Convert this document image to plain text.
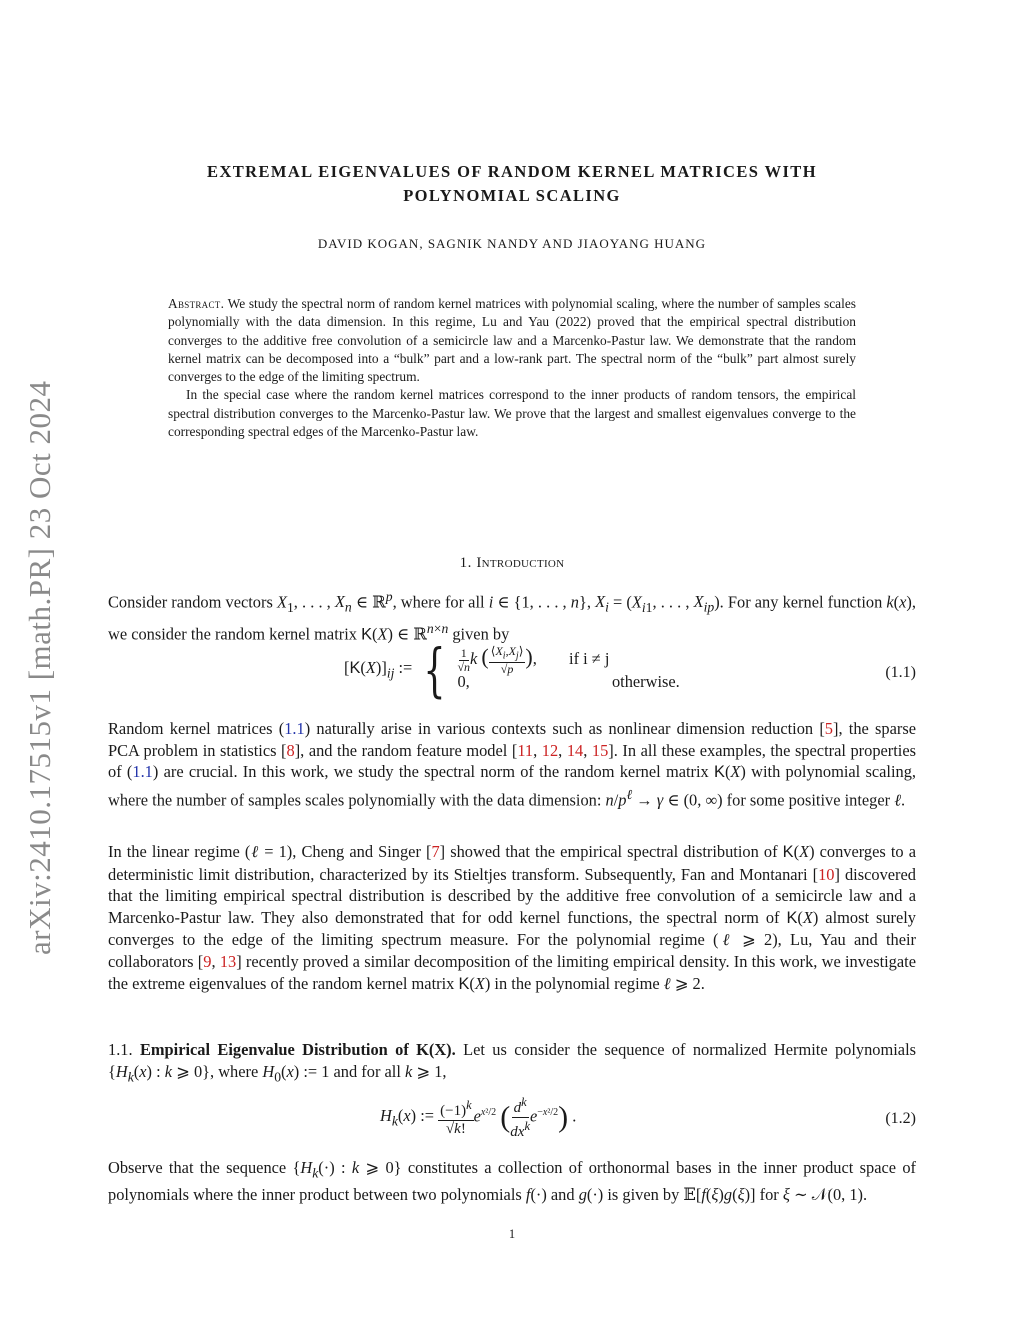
arXiv:2410.17515v1 [math.PR] 23 Oct 2024
EXTREMAL EIGENVALUES OF RANDOM KERNEL MATRICES WITH
POLYNOMIAL SCALING
DAVID KOGAN, SAGNIK NANDY AND JIAOYANG HUANG

Abstract. We study the spectral norm of random kernel matrices with polynomial scaling, where the number of samples scales polynomially with the data dimension. In this regime, Lu and Yau (2022) proved that the empirical spectral distribution converges to the additive free convolution of a semicircle law and a Marcenko-Pastur law. We demonstrate that the random kernel matrix can be decomposed into a “bulk” part and a low-rank part. The spectral norm of the “bulk” part almost surely converges to the edge of the limiting spectrum.

In the special case where the random kernel matrices correspond to the inner products of random tensors, the empirical spectral distribution converges to the Marcenko-Pastur law. We prove that the largest and smallest eigenvalues converge to the corresponding spectral edges of the Marcenko-Pastur law.

1. Introduction

Consider random vectors $X_1$, . . . , $X_n$ ∈ ℝ$^p$, where for all i ∈ {1, . . . , n}, $X_i = (X_{i1}$, . . . , $X_{ip}$). For any kernel function k(x), we consider the random kernel matrix K(X) ∈ ℝ$^{n\times n}$ given by

$[K(X)]_{ij}$ := { $\frac{1}{√n}$ k ( $\frac{⟨X_i,X_j⟩}{√p}$ ),  if i ≠ j
0,	otherwise.	(1.1)

Random kernel matrices (1.1) naturally arise in various contexts such as nonlinear dimension reduction [5], the sparse PCA problem in statistics [8], and the random feature model [11, 12, 14, 15]. In all these examples, the spectral properties of (1.1) are crucial. In this work, we study the spectral norm of the random kernel matrix K(X) with polynomial scaling, where the number of samples scales polynomially with the data dimension: $n/p^\ell \to \gamma$ ∈ (0, ∞) for some positive integer ℓ.

In the linear regime (ℓ = 1), Cheng and Singer [7] showed that the empirical spectral distribution of K(X) converges to a deterministic limit distribution, characterized by its Stieltjes transform. Subsequently, Fan and Montanari [10] discovered that the limiting empirical spectral distribution is described by the additive free convolution of a semicircle law and a Marcenko-Pastur law. They also demonstrated that for odd kernel functions, the spectral norm of K(X) almost surely converges to the edge of the limiting spectrum measure. For the polynomial regime (ℓ ⩾ 2), Lu, Yau and their collaborators [9, 13] recently proved a similar decomposition of the limiting empirical density. In this work, we investigate the extreme eigenvalues of the random kernel matrix K(X) in the polynomial regime ℓ ⩾ 2.

1.1. Empirical Eigenvalue Distribution of K(X). Let us consider the sequence of normalized Hermite polynomials {$H_k(x)$ : k ⩾ 0}, where $H_0(x)$ := 1 and for all k ⩾ 1,

$H_k(x)$ := $\frac{(-1)^k}{√k!} e^{x^2/2}$ ( $\frac{d^k}{dx^k} e^{-x^2/2}$) .	(1.2)

Observe that the sequence {$H_k(\cdot)$ : k ⩾ 0} constitutes a collection of orthonormal bases in the inner product space of polynomials where the inner product between two polynomials f(·) and g(·) is given by 𝔼[f(ξ)g(ξ)] for ξ ∼ 𝒩(0, 1).

1
